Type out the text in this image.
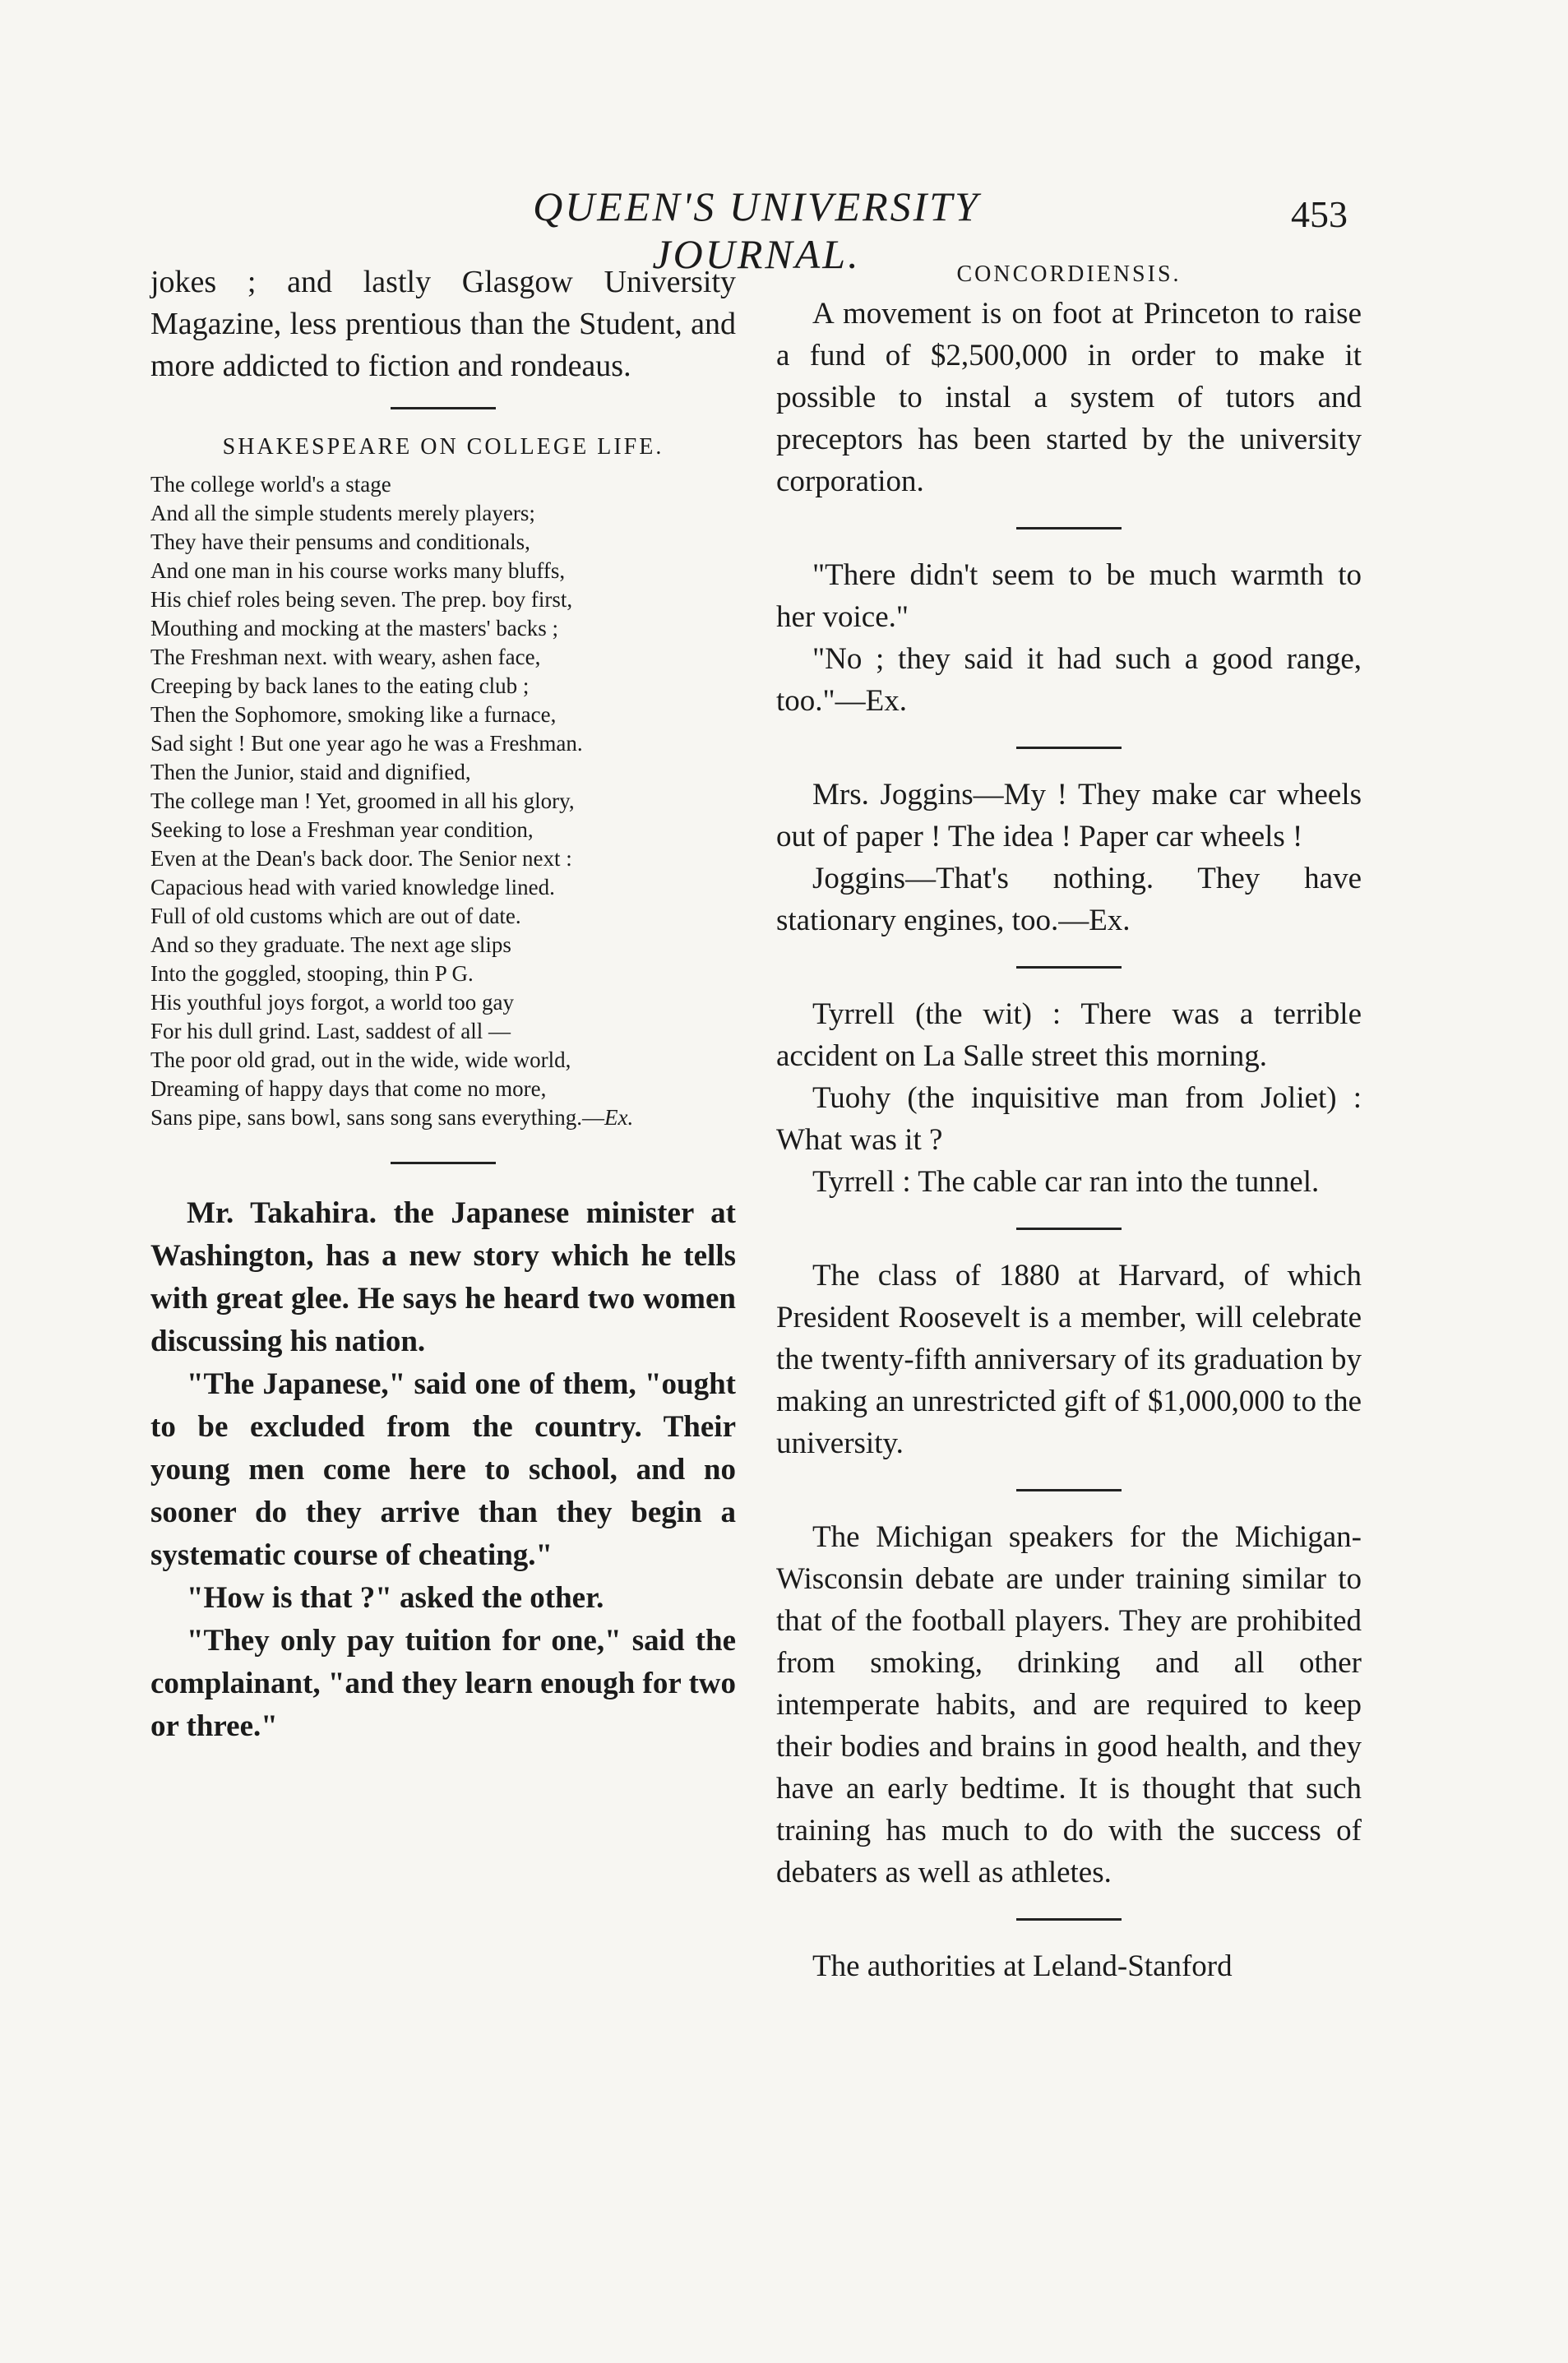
QUEEN'S UNIVERSITY JOURNAL.
453

jokes ; and lastly Glasgow University Magazine, less prentious than the Student, and more addicted to fiction and rondeaus.

SHAKESPEARE ON COLLEGE LIFE.
The college world's a stage
And all the simple students merely players;
They have their pensums and conditionals,
And one man in his course works many bluffs,
His chief roles being seven. The prep. boy first,
Mouthing and mocking at the masters' backs ;
The Freshman next. with weary, ashen face,
Creeping by back lanes to the eating club ;
Then the Sophomore, smoking like a furnace,
Sad sight ! But one year ago he was a Freshman.
Then the Junior, staid and dignified,
The college man ! Yet, groomed in all his glory,
Seeking to lose a Freshman year condition,
Even at the Dean's back door. The Senior next :
Capacious head with varied knowledge lined.
Full of old customs which are out of date.
And so they graduate. The next age slips
Into the goggled, stooping, thin P G.
His youthful joys forgot, a world too gay
For his dull grind. Last, saddest of all —
The poor old grad, out in the wide, wide world,
Dreaming of happy days that come no more,
Sans pipe, sans bowl, sans song sans everything.—Ex.

Mr. Takahira. the Japanese minister at Washington, has a new story which he tells with great glee. He says he heard two women discussing his nation.

"The Japanese," said one of them, "ought to be excluded from the country. Their young men come here to school, and no sooner do they arrive than they begin a systematic course of cheating."

"How is that ?" asked the other.

"They only pay tuition for one," said the complainant, "and they learn enough for two or three."

CONCORDIENSIS.

A movement is on foot at Princeton to raise a fund of $2,500,000 in order to make it possible to instal a system of tutors and preceptors has been started by the university corporation.

"There didn't seem to be much warmth to her voice."

"No ; they said it had such a good range, too."—Ex.

Mrs. Joggins—My ! They make car wheels out of paper ! The idea ! Paper car wheels !

Joggins—That's nothing. They have stationary engines, too.—Ex.

Tyrrell (the wit) : There was a terrible accident on La Salle street this morning.

Tuohy (the inquisitive man from Joliet) : What was it ?

Tyrrell : The cable car ran into the tunnel.

The class of 1880 at Harvard, of which President Roosevelt is a member, will celebrate the twenty-fifth anniversary of its graduation by making an unrestricted gift of $1,000,000 to the university.

The Michigan speakers for the Michigan-Wisconsin debate are under training similar to that of the football players. They are prohibited from smoking, drinking and all other intemperate habits, and are required to keep their bodies and brains in good health, and they have an early bedtime. It is thought that such training has much to do with the success of debaters as well as athletes.

The authorities at Leland-Stanford
